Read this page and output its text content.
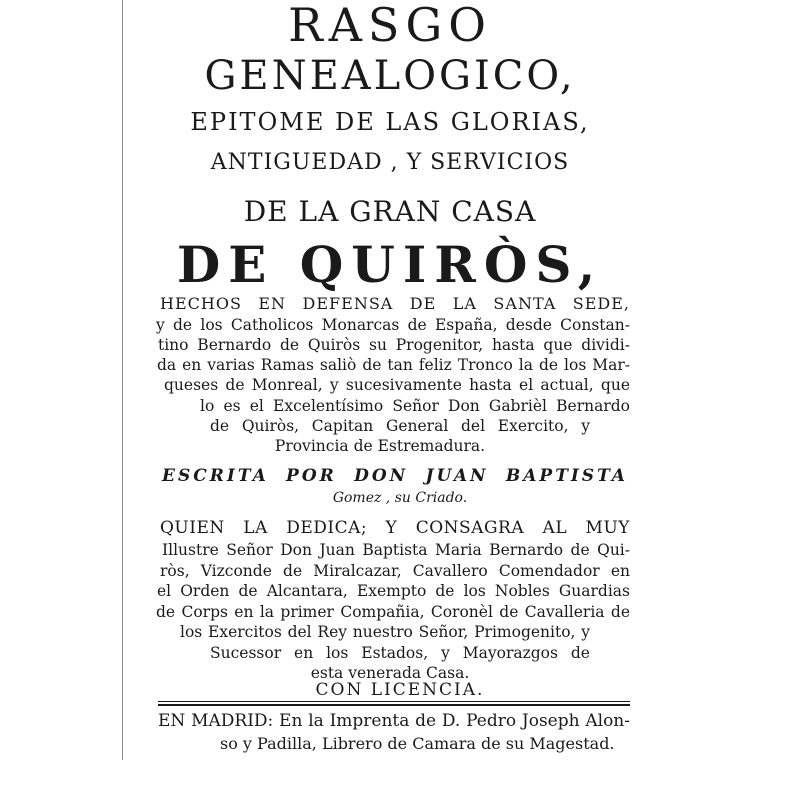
RASGO
GENEALOGICO,
EPITOME DE LAS GLORIAS,
ANTIGUEDAD , Y SERVICIOS
DE LA GRAN CASA
DE QUIRÒS,
HECHOS EN DEFENSA DE LA SANTA SEDE,
y de los Catholicos Monarcas de España, desde Constan-
tino Bernardo de Quiròs su Progenitor, hasta que dividi-
da en varias Ramas saliò de tan feliz Tronco la de los Mar-
queses de Monreal, y sucesivamente hasta el actual, que
lo es el Excelentísimo Señor Don Gabrièl Bernardo
de Quiròs, Capitan General del Exercito, y
Provincia de Estremadura.
ESCRITA POR DON JUAN BAPTISTA
Gomez , su Criado.
QUIEN LA DEDICA; Y CONSAGRA AL MUY
Illustre Señor Don Juan Baptista Maria Bernardo de Qui-
ròs, Vizconde de Miralcazar, Cavallero Comendador en
el Orden de Alcantara, Exempto de los Nobles Guardias
de Corps en la primer Compañia, Coronèl de Cavalleria de
los Exercitos del Rey nuestro Señor, Primogenito, y
Sucessor en los Estados, y Mayorazgos de
esta venerada Casa.
CON LICENCIA.
EN MADRID: En la Imprenta de D. Pedro Joseph Alon-
so y Padilla, Librero de Camara de su Magestad.
